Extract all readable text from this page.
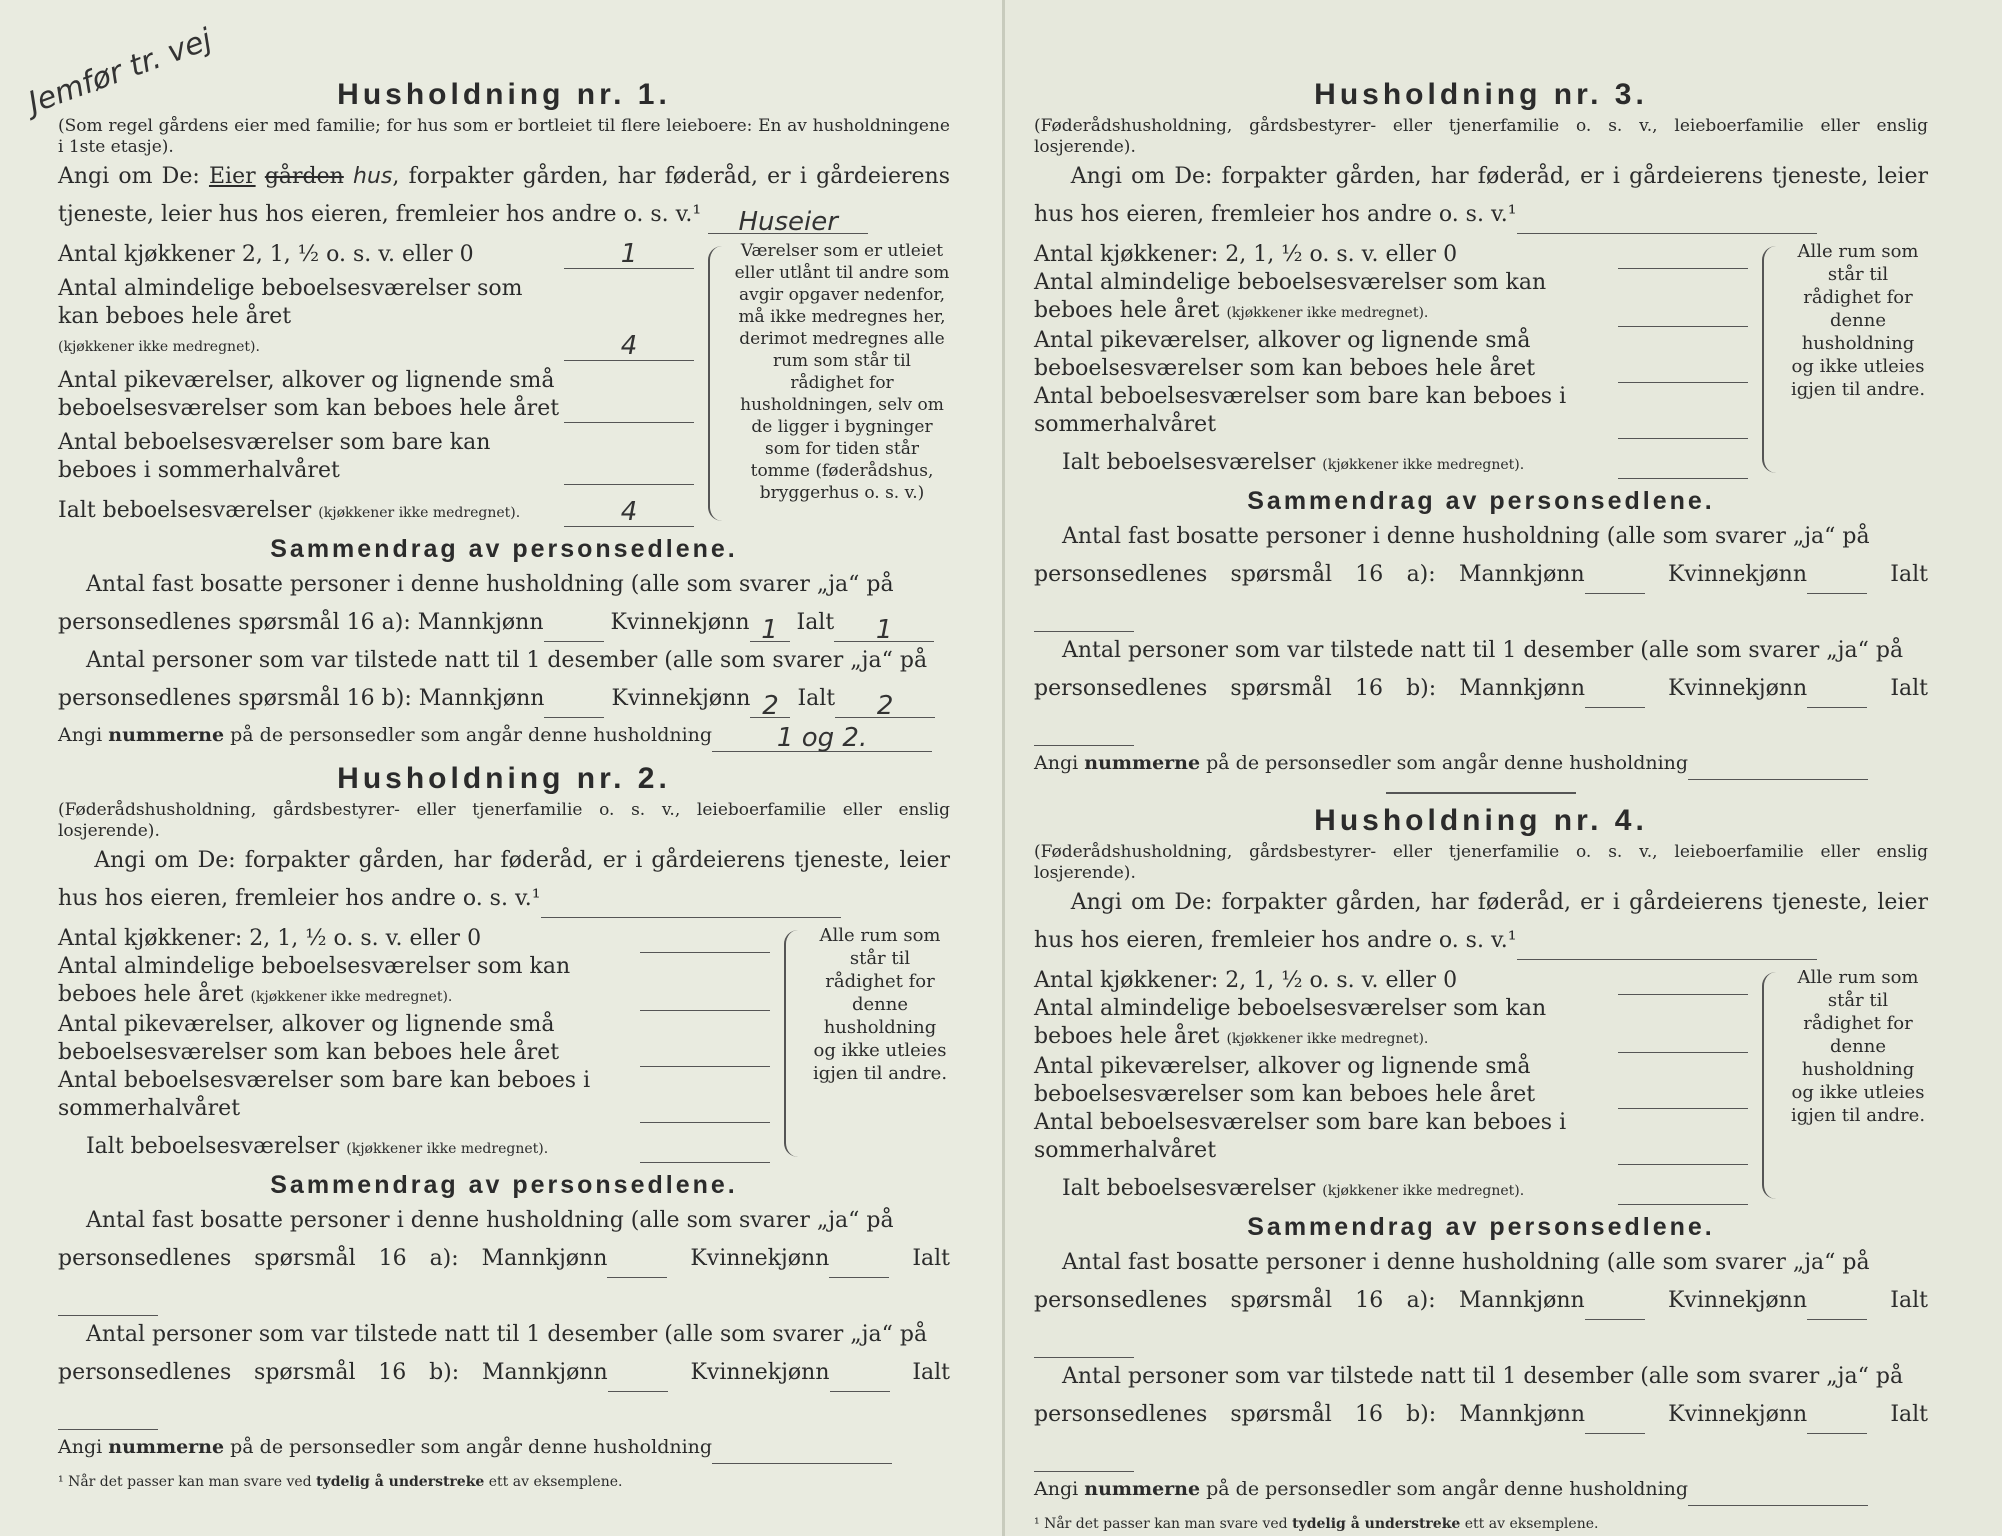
Jemfør tr. vej	Husholdning nr. 1.
(Som regel gårdens eier med familie; for hus som er bortleiet til flere leieboere: En av husholdningene i 1ste etasje).
Angi om De: Eier gården hus, forpakter gården, har føderåd, er i gårdeierens tjeneste, leier hus hos eieren, fremleier hos andre o. s. v.¹ Huseier
Antal kjøkkener 2, 1, ½ o. s. v. eller 0	1
Antal almindelige beboelsesværelser som kan beboes hele året
(kjøkkener ikke medregnet).	4
Antal pikeværelser, alkover og lignende små beboelsesværelser som kan beboes hele året
Antal beboelsesværelser som bare kan beboes i sommerhalvåret
Ialt beboelsesværelser (kjøkkener ikke medregnet).	4
Værelser som er utleiet eller utlånt til andre som avgir opgaver nedenfor, må ikke medregnes her, derimot medregnes alle rum som står til rådighet for husholdningen, selv om de ligger i bygninger som for tiden står tomme (føderådshus, bryggerhus o. s. v.)
Sammendrag av personsedlene.
Antal fast bosatte personer i denne husholdning (alle som svarer „ja“ på
personsedlenes spørsmål 16 a): Mannkjønn	Kvinnekjønn 1 Ialt 1
Antal personer som var tilstede natt til 1 desember (alle som svarer „ja“ på
personsedlenes spørsmål 16 b): Mannkjønn	Kvinnekjønn 2 Ialt 2
Angi nummerne på de personsedler som angår denne husholdning 1 og 2.
Husholdning nr. 2.
(Føderådshusholdning, gårdsbestyrer- eller tjenerfamilie o. s. v., leieboerfamilie eller enslig losjerende).
Angi om De: forpakter gården, har føderåd, er i gårdeierens tjeneste, leier hus hos eieren, fremleier hos andre o. s. v.¹
Antal kjøkkener: 2, 1, ½ o. s. v. eller 0
Antal almindelige beboelsesværelser som kan beboes hele året (kjøkkener ikke medregnet).
Antal pikeværelser, alkover og lignende små beboelsesværelser som kan beboes hele året
Antal beboelsesværelser som bare kan beboes i sommerhalvåret
Ialt beboelsesværelser (kjøkkener ikke medregnet).
Alle rum som står til rådighet for denne husholdning og ikke utleies igjen til andre.
Sammendrag av personsedlene.
Antal fast bosatte personer i denne husholdning (alle som svarer „ja“ på
personsedlenes spørsmål 16 a): Mannkjønn	Kvinnekjønn	Ialt
Antal personer som var tilstede natt til 1 desember (alle som svarer „ja“ på
personsedlenes spørsmål 16 b): Mannkjønn	Kvinnekjønn	Ialt
Angi nummerne på de personsedler som angår denne husholdning
¹ Når det passer kan man svare ved tydelig å understreke ett av eksemplene.
Husholdning nr. 3.
(Føderådshusholdning, gårdsbestyrer- eller tjenerfamilie o. s. v., leieboerfamilie eller enslig losjerende).
Angi om De: forpakter gården, har føderåd, er i gårdeierens tjeneste, leier hus hos eieren, fremleier hos andre o. s. v.¹
Antal kjøkkener: 2, 1, ½ o. s. v. eller 0
Antal almindelige beboelsesværelser som kan beboes hele året (kjøkkener ikke medregnet).
Antal pikeværelser, alkover og lignende små beboelsesværelser som kan beboes hele året
Antal beboelsesværelser som bare kan beboes i sommerhalvåret
Ialt beboelsesværelser (kjøkkener ikke medregnet).
Alle rum som står til rådighet for denne husholdning og ikke utleies igjen til andre.
Sammendrag av personsedlene.
Antal fast bosatte personer i denne husholdning (alle som svarer „ja“ på
personsedlenes spørsmål 16 a): Mannkjønn	Kvinnekjønn	Ialt
Antal personer som var tilstede natt til 1 desember (alle som svarer „ja“ på
personsedlenes spørsmål 16 b): Mannkjønn	Kvinnekjønn	Ialt
Angi nummerne på de personsedler som angår denne husholdning
Husholdning nr. 4.
(Føderådshusholdning, gårdsbestyrer- eller tjenerfamilie o. s. v., leieboerfamilie eller enslig losjerende).
Angi om De: forpakter gården, har føderåd, er i gårdeierens tjeneste, leier hus hos eieren, fremleier hos andre o. s. v.¹
Antal kjøkkener: 2, 1, ½ o. s. v. eller 0
Antal almindelige beboelsesværelser som kan beboes hele året (kjøkkener ikke medregnet).
Antal pikeværelser, alkover og lignende små beboelsesværelser som kan beboes hele året
Antal beboelsesværelser som bare kan beboes i sommerhalvåret
Ialt beboelsesværelser (kjøkkener ikke medregnet).
Alle rum som står til rådighet for denne husholdning og ikke utleies igjen til andre.
Sammendrag av personsedlene.
Antal fast bosatte personer i denne husholdning (alle som svarer „ja“ på
personsedlenes spørsmål 16 a): Mannkjønn	Kvinnekjønn	Ialt
Antal personer som var tilstede natt til 1 desember (alle som svarer „ja“ på
personsedlenes spørsmål 16 b): Mannkjønn	Kvinnekjønn	Ialt
Angi nummerne på de personsedler som angår denne husholdning
¹ Når det passer kan man svare ved tydelig å understreke ett av eksemplene.
